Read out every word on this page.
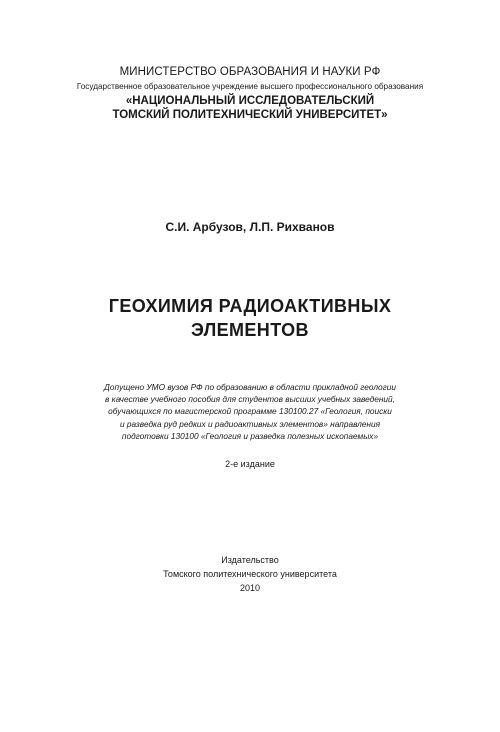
МИНИСТЕРСТВО ОБРАЗОВАНИЯ И НАУКИ РФ
Государственное образовательное учреждение высшего профессионального образования
«НАЦИОНАЛЬНЫЙ ИССЛЕДОВАТЕЛЬСКИЙ
ТОМСКИЙ ПОЛИТЕХНИЧЕСКИЙ УНИВЕРСИТЕТ»
С.И. Арбузов, Л.П. Рихванов
ГЕОХИМИЯ РАДИОАКТИВНЫХ
ЭЛЕМЕНТОВ
Допущено УМО вузов РФ по образованию в области прикладной геологии
в качестве учебного пособия для студентов высших учебных заведений,
обучающихся по магистерской программе 130100.27 «Геология, поиски
и разведка руд редких и радиоактивных элементов» направления
подготовки 130100 «Геология и разведка полезных ископаемых»
2-е издание
Издательство
Томского политехнического университета
2010
